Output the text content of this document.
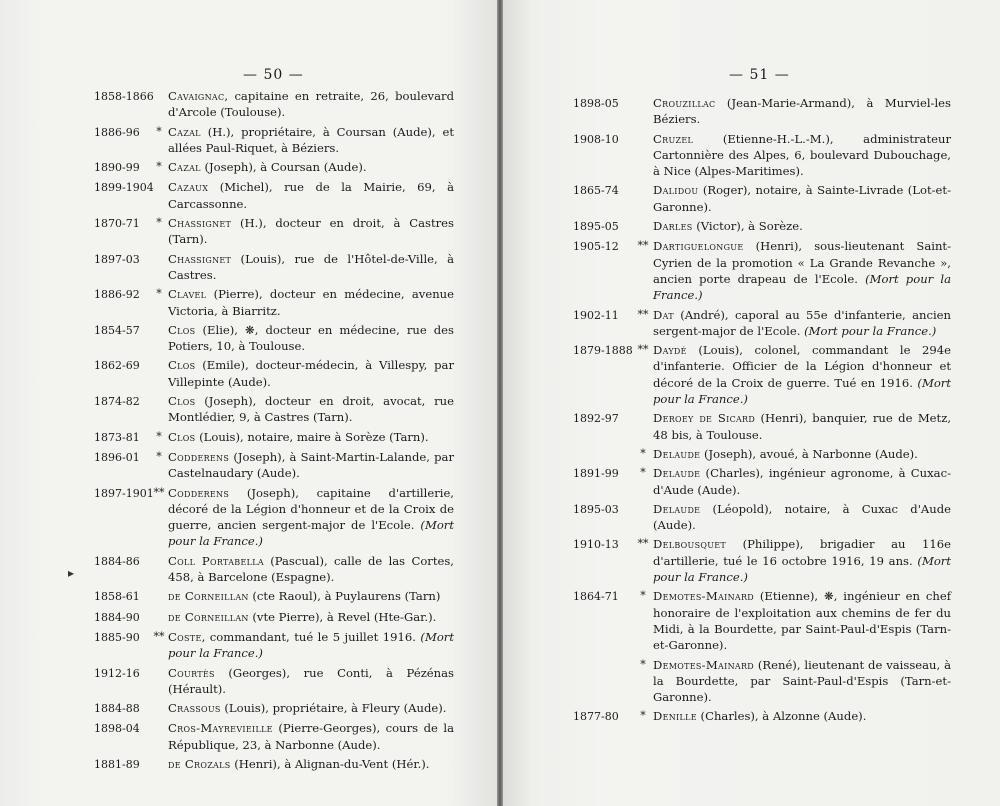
— 50 —
1858-1866 Cavaignac, capitaine en retraite, 26, boulevard d'Arcole (Toulouse).
1886-96	* Cazal (H.), propriétaire, à Coursan (Aude), et allées Paul-Riquet, à Béziers.
1890-99	* Cazal (Joseph), à Coursan (Aude).
1899-1904 Cazaux (Michel), rue de la Mairie, 69, à Carcassonne.
1870-71	* Chassignet (H.), docteur en droit, à Castres (Tarn).
1897-03	Chassignet (Louis), rue de l'Hôtel-de-Ville, à Castres.
1886-92	* Clavel (Pierre), docteur en médecine, avenue Victoria, à Biarritz.
1854-57	Clos (Elie), ❋, docteur en médecine, rue des Potiers, 10, à Toulouse.
1862-69	Clos (Emile), docteur-médecin, à Villespy, par Villepinte (Aude).
1874-82	Clos (Joseph), docteur en droit, avocat, rue Montlédier, 9, à Castres (Tarn).
1873-81	* Clos (Louis), notaire, maire à Sorèze (Tarn).
1896-01	* Codderens (Joseph), à Saint-Martin-Lalande, par Castelnaudary (Aude).
1897-1901 ** Codderens (Joseph), capitaine d'artillerie, décoré de la Légion d'honneur et de la Croix de guerre, ancien sergent-major de l'Ecole. (Mort pour la France.)
1884-86	Coll Portabella (Pascual), calle de las Cortes, 458, à Barcelone (Espagne).
1858-61	de Corneillan (cte Raoul), à Puylaurens (Tarn)
1884-90	de Corneillan (vte Pierre), à Revel (Hte-Gar.).
1885-90	** Coste, commandant, tué le 5 juillet 1916. (Mort pour la France.)
1912-16	Courtès (Georges), rue Conti, à Pézénas (Hérault).
1884-88	Crassous (Louis), propriétaire, à Fleury (Aude).
1898-04	Cros-Mayrevieille (Pierre-Georges), cours de la République, 23, à Narbonne (Aude).
1881-89	de Crozals (Henri), à Alignan-du-Vent (Hér.).
▸
— 51 —
1898-05	Crouzillac (Jean-Marie-Armand), à Murviel-les Béziers.
1908-10	Cruzel (Etienne-H.-L.-M.), administrateur Cartonnière des Alpes, 6, boulevard Dubouchage, à Nice (Alpes-Maritimes).
1865-74	Dalidou (Roger), notaire, à Sainte-Livrade (Lot-et-Garonne).
1895-05	Darles (Victor), à Sorèze.
1905-12	** Dartiguelongue (Henri), sous-lieutenant Saint-Cyrien de la promotion « La Grande Revanche », ancien porte drapeau de l'Ecole. (Mort pour la France.)
1902-11	** Dat (André), caporal au 55e d'infanterie, ancien sergent-major de l'Ecole. (Mort pour la France.)
1879-1888 ** Daydé (Louis), colonel, commandant le 294e d'infanterie. Officier de la Légion d'honneur et décoré de la Croix de guerre. Tué en 1916. (Mort pour la France.)
1892-97	Deroey de Sicard (Henri), banquier, rue de Metz, 48 bis, à Toulouse.
* Delaude (Joseph), avoué, à Narbonne (Aude).
1891-99	* Delaude (Charles), ingénieur agronome, à Cuxac-d'Aude (Aude).
1895-03	Delaude (Léopold), notaire, à Cuxac d'Aude (Aude).
1910-13	** Delbousquet (Philippe), brigadier au 116e d'artillerie, tué le 16 octobre 1916, 19 ans. (Mort pour la France.)
1864-71	* Demotes-Mainard (Etienne), ❋, ingénieur en chef honoraire de l'exploitation aux chemins de fer du Midi, à la Bourdette, par Saint-Paul-d'Espis (Tarn-et-Garonne).
* Demotes-Mainard (René), lieutenant de vaisseau, à la Bourdette, par Saint-Paul-d'Espis (Tarn-et-Garonne).
1877-80	* Denille (Charles), à Alzonne (Aude).
